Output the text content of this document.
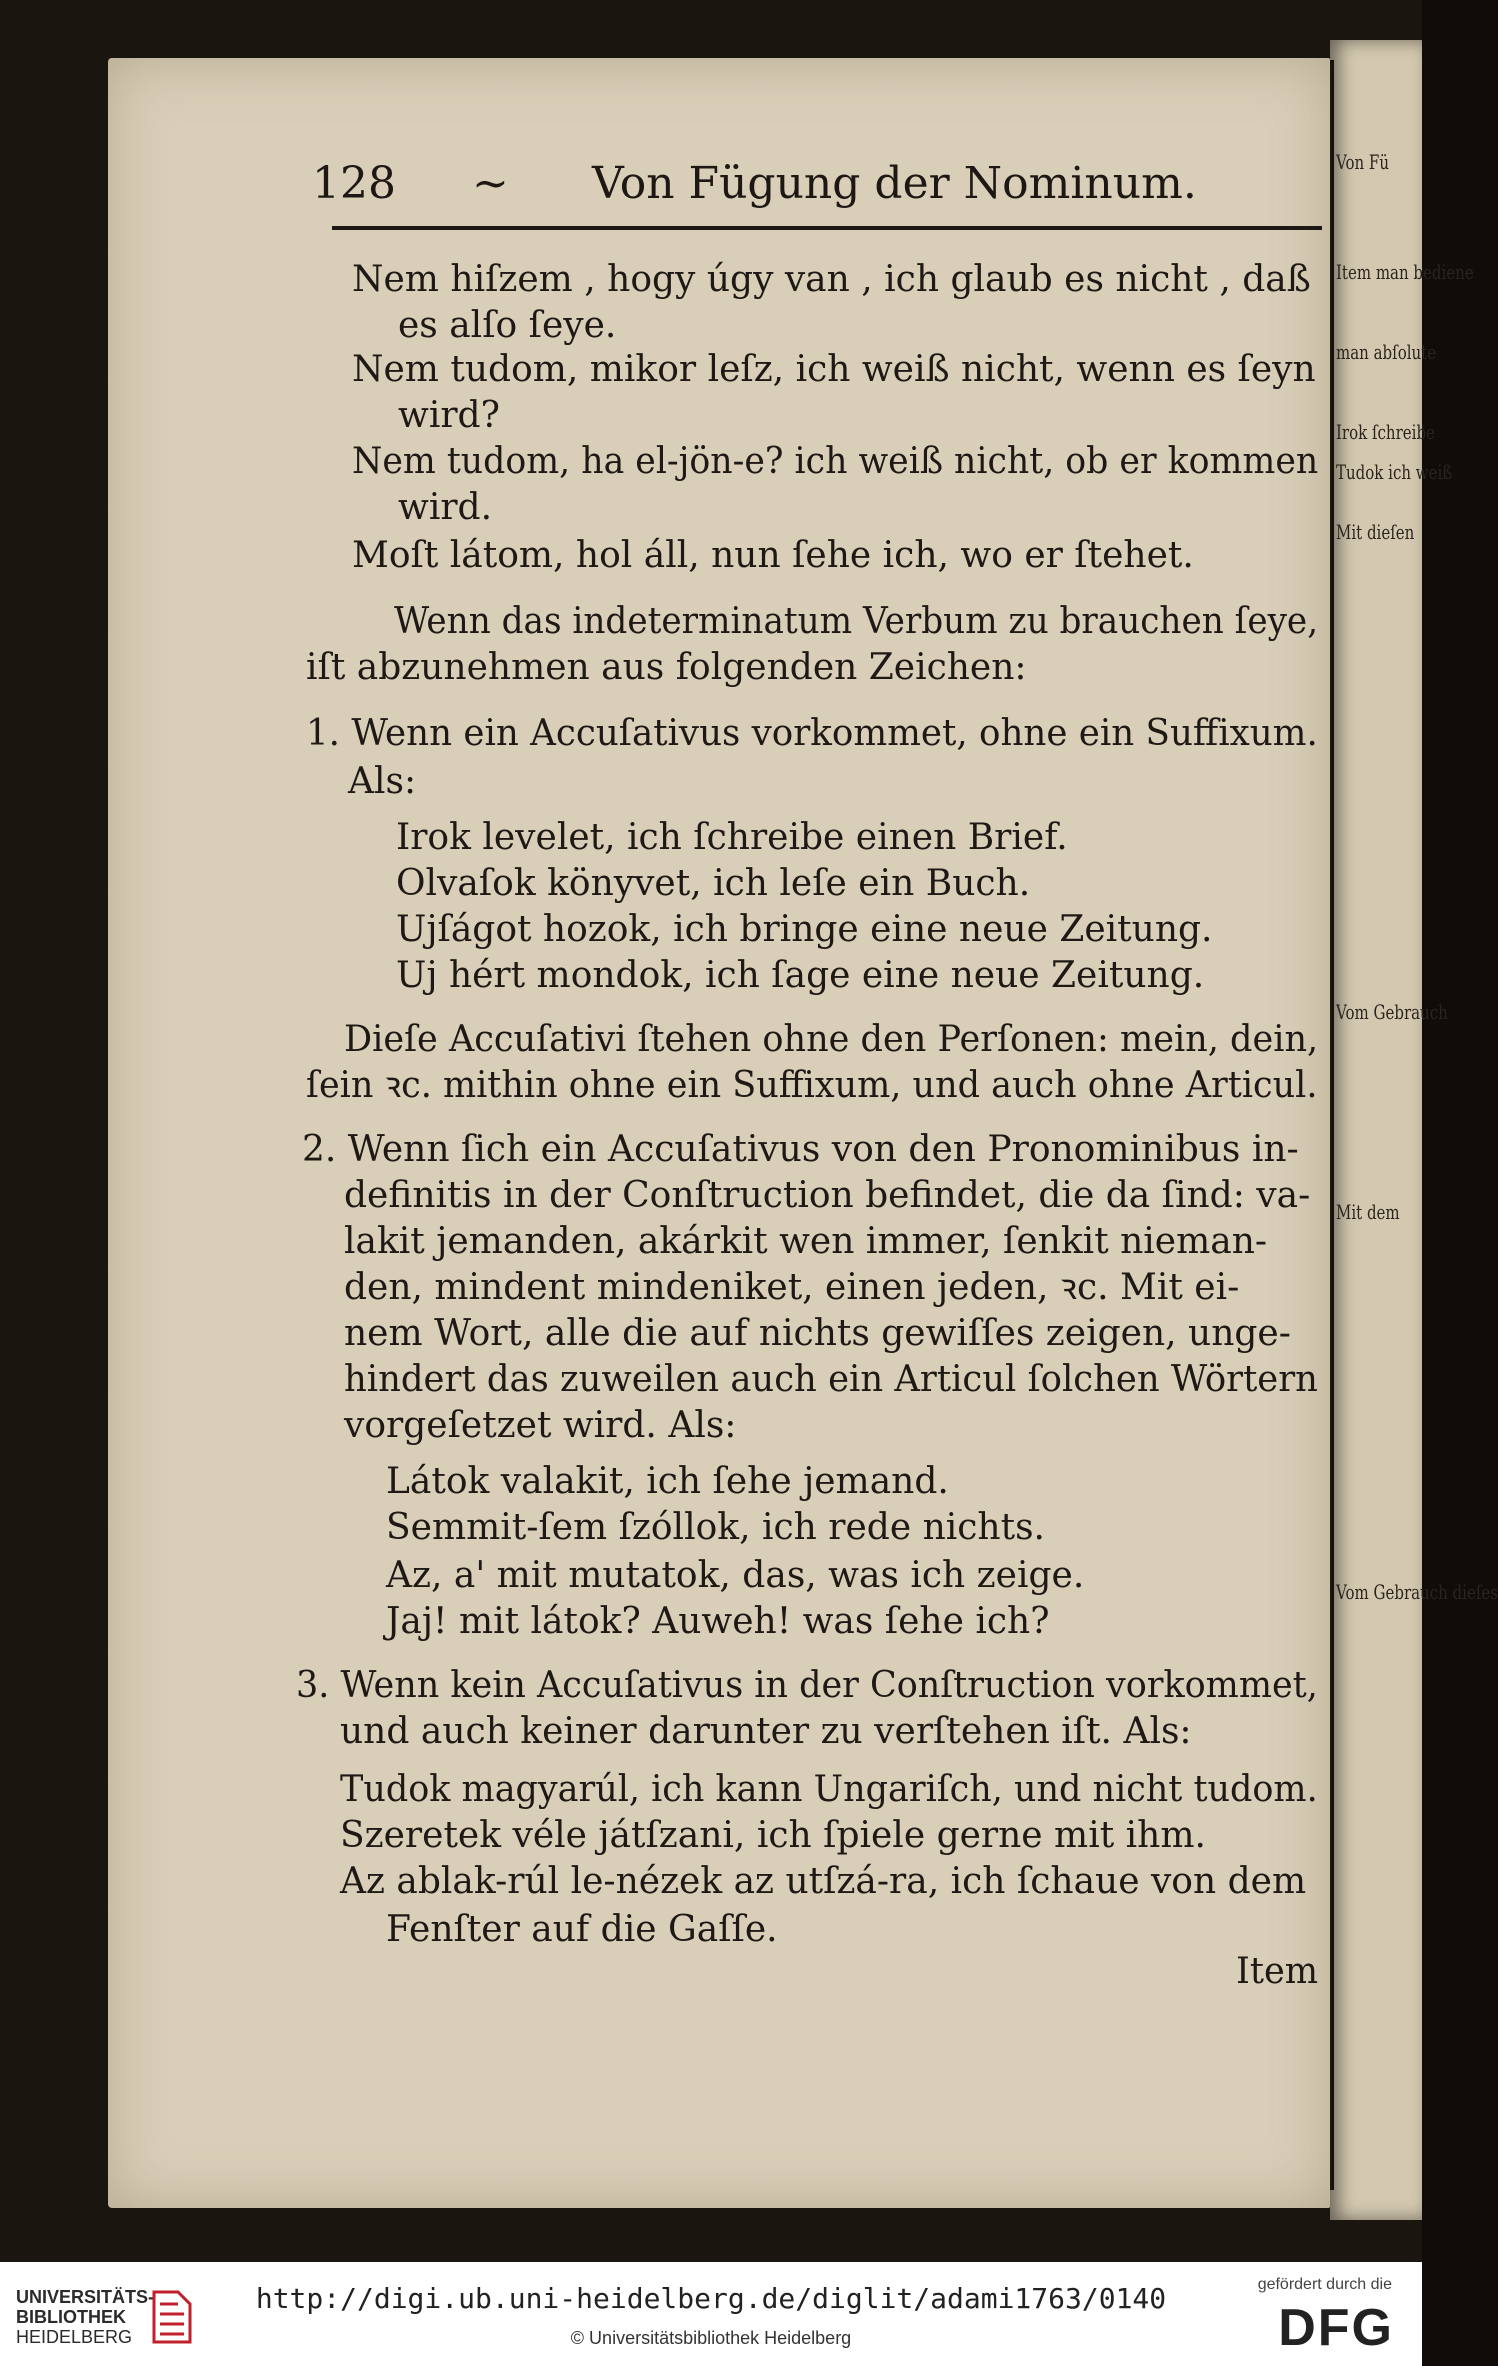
Von Fü
Item man bediene
man abſolute
Irok ſchreibe
Tudok ich weiß
Mit dieſen
Vom Gebrauch
Mit dem
Vom Gebrauch dieſes
128 ~ Von Fügung der Nominum.
Nem hiſzem , hogy úgy van , ich glaub es nicht , daß
es alſo ſeye.
Nem tudom, mikor leſz, ich weiß nicht, wenn es ſeyn
wird?
Nem tudom, ha el-jön-e? ich weiß nicht, ob er kommen
wird.
Moſt látom, hol áll, nun ſehe ich, wo er ſtehet.
Wenn das indeterminatum Verbum zu brauchen ſeye,
iſt abzunehmen aus folgenden Zeichen:
1. Wenn ein Accuſativus vorkommet, ohne ein Suffixum.
Als:
Irok levelet, ich ſchreibe einen Brief.
Olvaſok könyvet, ich leſe ein Buch.
Ujſágot hozok, ich bringe eine neue Zeitung.
Uj hért mondok, ich ſage eine neue Zeitung.
Dieſe Accuſativi ſtehen ohne den Perſonen: mein, dein,
ſein ꝛc. mithin ohne ein Suffixum, und auch ohne Articul.
2. Wenn ſich ein Accuſativus von den Pronominibus in-
definitis in der Conſtruction befindet, die da ſind: va-
lakit jemanden, akárkit wen immer, ſenkit nieman-
den, mindent mindeniket, einen jeden, ꝛc. Mit ei-
nem Wort, alle die auf nichts gewiſſes zeigen, unge-
hindert das zuweilen auch ein Articul ſolchen Wörtern
vorgeſetzet wird. Als:
Látok valakit, ich ſehe jemand.
Semmit-ſem ſzóllok, ich rede nichts.
Az, a' mit mutatok, das, was ich zeige.
Jaj! mit látok? Auweh! was ſehe ich?
3. Wenn kein Accuſativus in der Conſtruction vorkommet,
und auch keiner darunter zu verſtehen iſt. Als:
Tudok magyarúl, ich kann Ungariſch, und nicht tudom.
Szeretek véle játſzani, ich ſpiele gerne mit ihm.
Az ablak-rúl le-nézek az utſzá-ra, ich ſchaue von dem
Fenſter auf die Gaſſe.
Item
UNIVERSITÄTS-
BIBLIOTHEK
HEIDELBERG
http://digi.ub.uni-heidelberg.de/diglit/adami1763/0140
© Universitätsbibliothek Heidelberg
gefördert durch die
DFG
